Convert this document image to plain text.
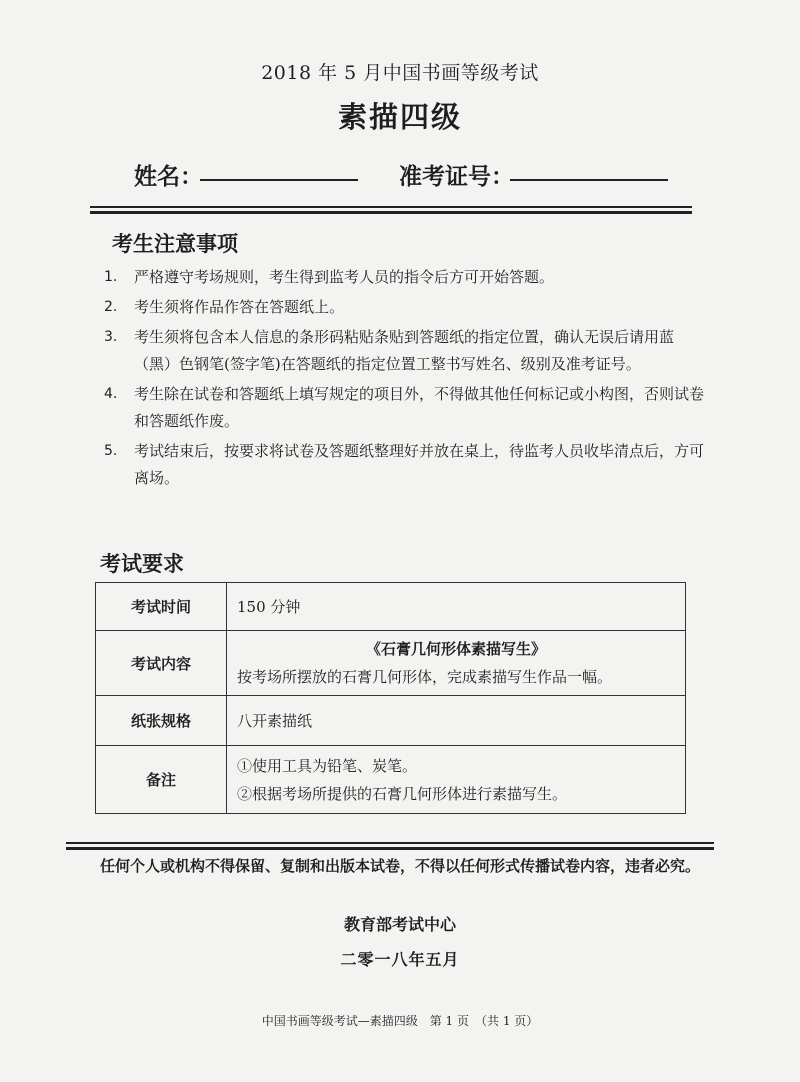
2018 年 5 月中国书画等级考试
素描四级
姓名：	准考证号：
考生注意事项
1. 严格遵守考场规则，考生得到监考人员的指令后方可开始答题。
2. 考生须将作品作答在答题纸上。
3. 考生须将包含本人信息的条形码粘贴条贴到答题纸的指定位置，确认无误后请用蓝（黑）色钢笔(签字笔)在答题纸的指定位置工整书写姓名、级别及准考证号。
4. 考生除在试卷和答题纸上填写规定的项目外，不得做其他任何标记或小构图，否则试卷和答题纸作废。
5. 考试结束后，按要求将试卷及答题纸整理好并放在桌上，待监考人员收毕清点后，方可离场。
考试要求
考试时间	150 分钟
考试内容	《石膏几何形体素描写生》
按考场所摆放的石膏几何形体，完成素描写生作品一幅。

纸张规格	八开素描纸
备注	①使用工具为铅笔、炭笔。
②根据考场所提供的石膏几何形体进行素描写生。
任何个人或机构不得保留、复制和出版本试卷，不得以任何形式传播试卷内容，违者必究。
教育部考试中心
二零一八年五月
中国书画等级考试—素描四级　第 1 页　（共 1 页）
